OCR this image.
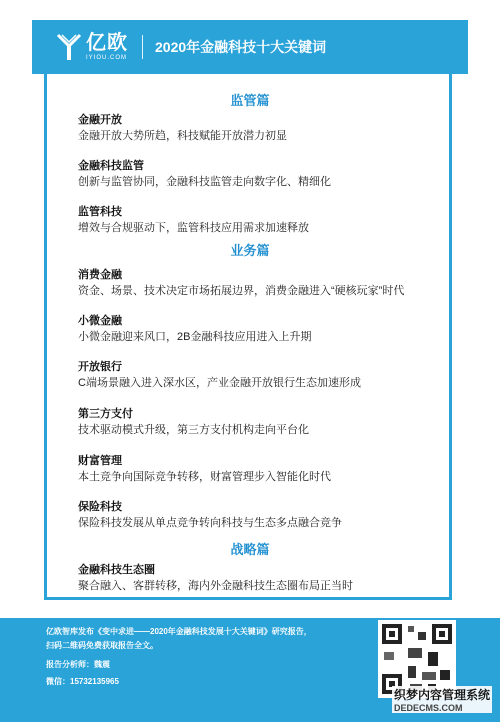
亿欧
IYIOU.COM
2020年金融科技十大关键词
监管篇
金融开放
金融开放大势所趋，科技赋能开放潜力初显
金融科技监管
创新与监管协同，金融科技监管走向数字化、精细化
监管科技
增效与合规驱动下，监管科技应用需求加速释放
业务篇
消费金融
资金、场景、技术决定市场拓展边界，消费金融进入“硬核玩家”时代
小微金融
小微金融迎来风口，2B金融科技应用进入上升期
开放银行
C端场景融入进入深水区，产业金融开放银行生态加速形成
第三方支付
技术驱动模式升级，第三方支付机构走向平台化
财富管理
本土竞争向国际竞争转移，财富管理步入智能化时代
保险科技
保险科技发展从单点竞争转向科技与生态多点融合竞争
战略篇
金融科技生态圈
聚合融入、客群转移，海内外金融科技生态圈布局正当时
亿欧智库发布《变中求进——2020年金融科技发展十大关键词》研究报告，
扫码二维码免费获取报告全文。
报告分析师：魏震
微信：15732135965
织梦内容管理系统
DEDECMS.COM
